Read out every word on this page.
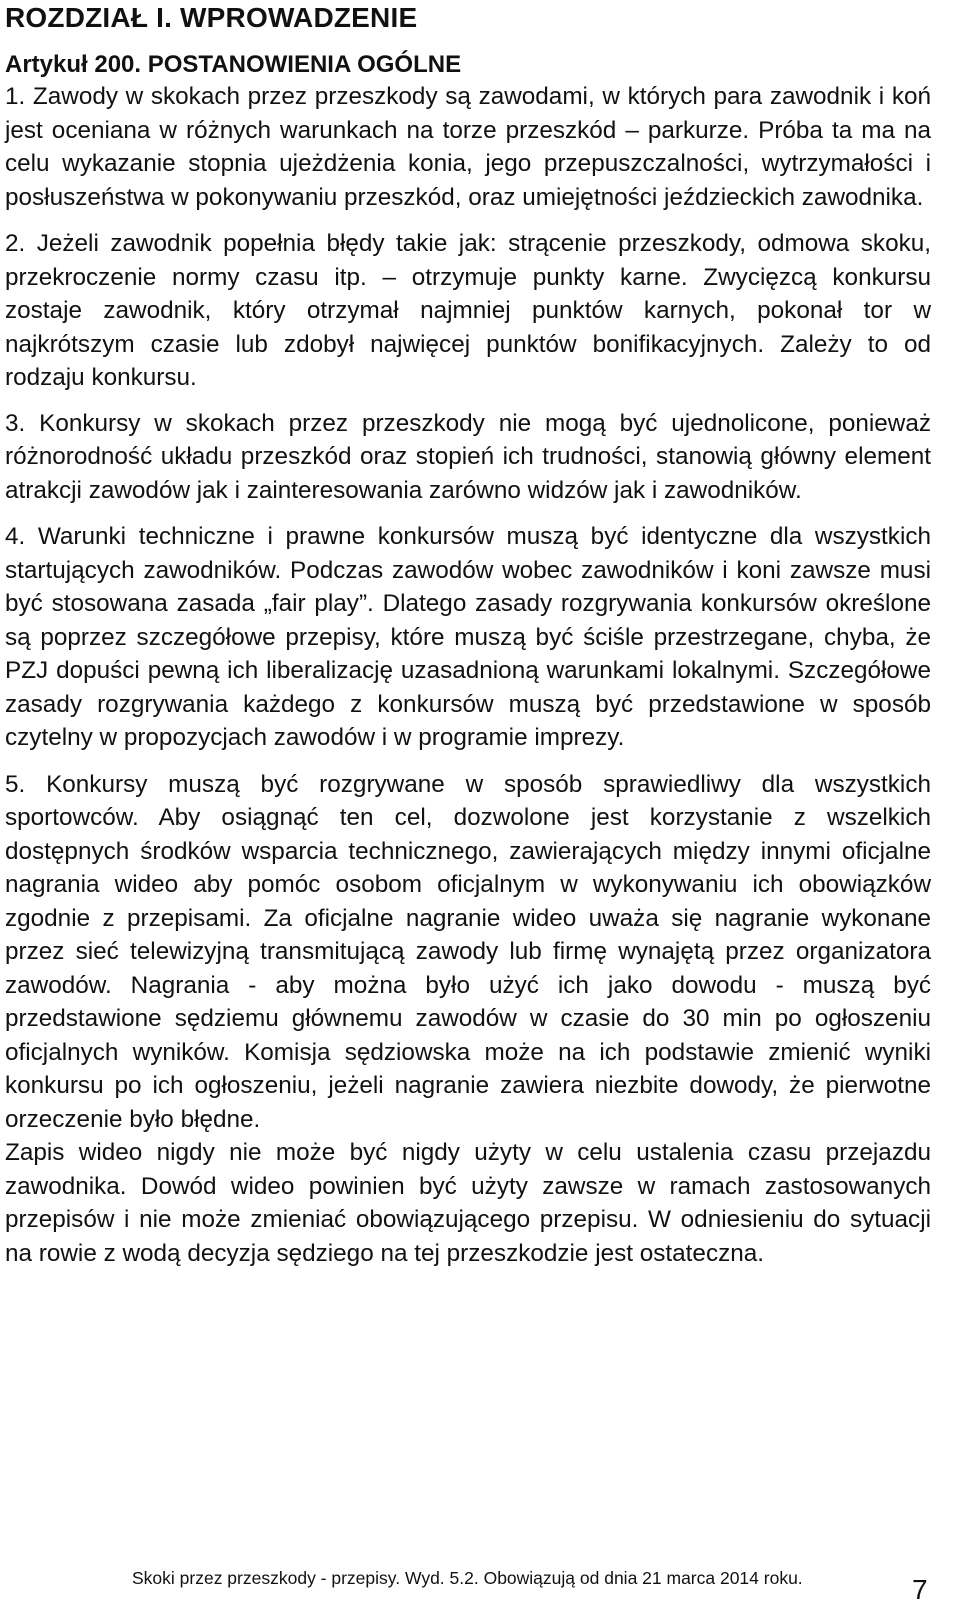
ROZDZIAŁ I. WPROWADZENIE
Artykuł 200. POSTANOWIENIA OGÓLNE

1. Zawody w skokach przez przeszkody są zawodami, w których para zawodnik i koń jest oceniana w różnych warunkach na torze przeszkód – parkurze. Próba ta ma na celu wykazanie stopnia ujeżdżenia konia, jego przepuszczalności, wytrzymałości i posłuszeństwa w pokonywaniu przeszkód, oraz umiejętności jeździeckich zawodnika.

2. Jeżeli zawodnik popełnia błędy takie jak: strącenie przeszkody, odmowa skoku, przekroczenie normy czasu itp. – otrzymuje punkty karne. Zwycięzcą konkursu zostaje zawodnik, który otrzymał najmniej punktów karnych, pokonał tor w najkrótszym czasie lub zdobył najwięcej punktów bonifikacyjnych. Zależy to od rodzaju konkursu.

3. Konkursy w skokach przez przeszkody nie mogą być ujednolicone, ponieważ różnorodność układu przeszkód oraz stopień ich trudności, stanowią główny element atrakcji zawodów jak i zainteresowania zarówno widzów jak i zawodników.

4. Warunki techniczne i prawne konkursów muszą być identyczne dla wszystkich startujących zawodników. Podczas zawodów wobec zawodników i koni zawsze musi być stosowana zasada „fair play”. Dlatego zasady rozgrywania konkursów określone są poprzez szczegółowe przepisy, które muszą być ściśle przestrzegane, chyba, że PZJ dopuści pewną ich liberalizację uzasadnioną warunkami lokalnymi. Szczegółowe zasady rozgrywania każdego z konkursów muszą być przedstawione w sposób czytelny w propozycjach zawodów i w programie imprezy.

5. Konkursy muszą być rozgrywane w sposób sprawiedliwy dla wszystkich sportowców. Aby osiągnąć ten cel, dozwolone jest korzystanie z wszelkich dostępnych środków wsparcia technicznego, zawierających między innymi oficjalne nagrania wideo aby pomóc osobom oficjalnym w wykonywaniu ich obowiązków zgodnie z przepisami. Za oficjalne nagranie wideo uważa się nagranie wykonane przez sieć telewizyjną transmitującą zawody lub firmę wynajętą przez organizatora zawodów. Nagrania - aby można było użyć ich jako dowodu - muszą być przedstawione sędziemu głównemu zawodów w czasie do 30 min po ogłoszeniu oficjalnych wyników. Komisja sędziowska może na ich podstawie zmienić wyniki konkursu po ich ogłoszeniu, jeżeli nagranie zawiera niezbite dowody, że pierwotne orzeczenie było błędne.

Zapis wideo nigdy nie może być nigdy użyty w celu ustalenia czasu przejazdu zawodnika. Dowód wideo powinien być użyty zawsze w ramach zastosowanych przepisów i nie może zmieniać obowiązującego przepisu. W odniesieniu do sytuacji na rowie z wodą decyzja sędziego na tej przeszkodzie jest ostateczna.

Skoki przez przeszkody - przepisy. Wyd. 5.2. Obowiązują od dnia 21 marca 2014 roku.	7
